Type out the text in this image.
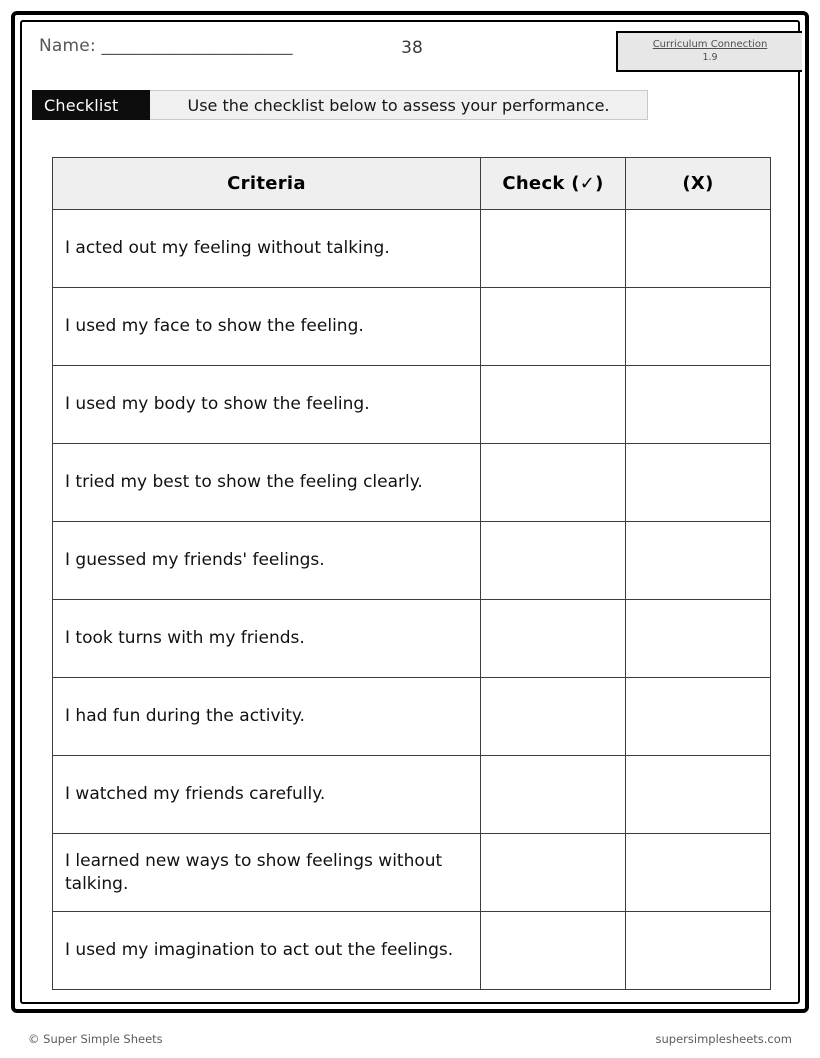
Name: ______________________	38	Curriculum Connection
1.9
Checklist	Use the checklist below to assess your performance.
Criteria	Check (✓)	(X)
I acted out my feeling without talking.		
I used my face to show the feeling.		
I used my body to show the feeling.		
I tried my best to show the feeling clearly.		
I guessed my friends' feelings.		
I took turns with my friends.		
I had fun during the activity.		
I watched my friends carefully.		
I learned new ways to show feelings without talking.		
I used my imagination to act out the feelings.		
© Super Simple Sheets	supersimplesheets.com
